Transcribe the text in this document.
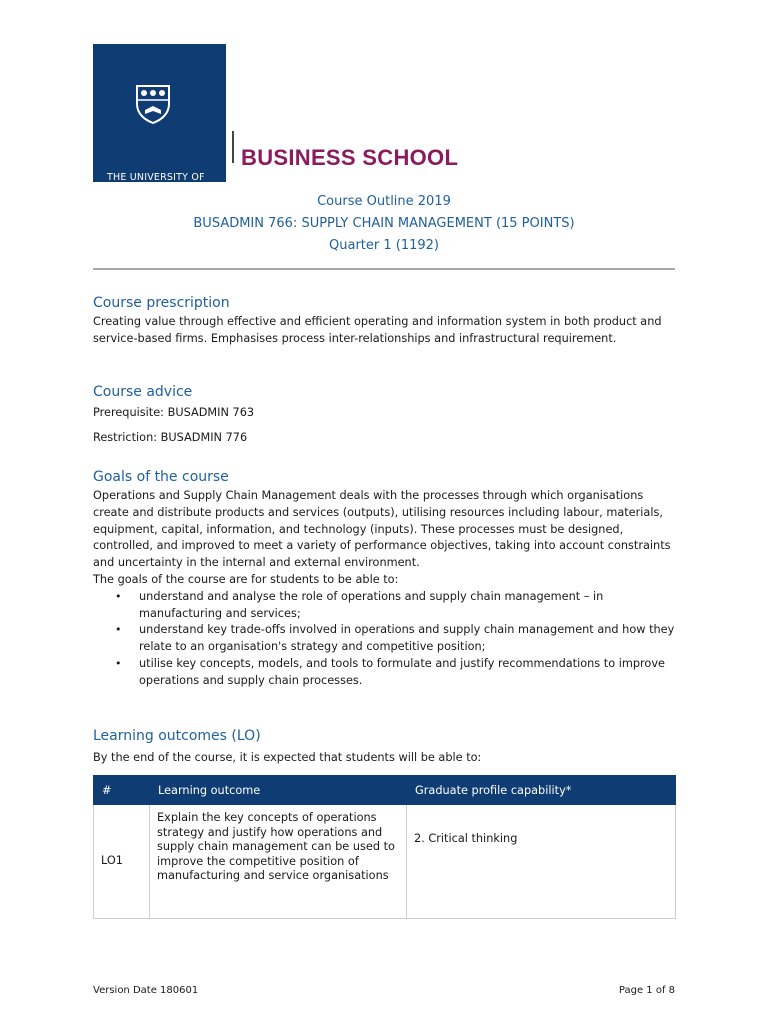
THE UNIVERSITY OF
AUCKLAND
Te Whare Wānanga o Tāmaki Makaurau
NEW ZEALAND
BUSINESS SCHOOL
Course Outline 2019
BUSADMIN 766: SUPPLY CHAIN MANAGEMENT (15 POINTS)
Quarter 1 (1192)
Course prescription
Creating value through effective and efficient operating and information system in both product and service-based firms. Emphasises process inter-relationships and infrastructural requirement.
Course advice
Prerequisite: BUSADMIN 763
Restriction: BUSADMIN 776
Goals of the course

Operations and Supply Chain Management deals with the processes through which organisations create and distribute products and services (outputs), utilising resources including labour, materials, equipment, capital, information, and technology (inputs). These processes must be designed, controlled, and improved to meet a variety of performance objectives, taking into account constraints and uncertainty in the internal and external environment.

The goals of the course are for students to be able to:

• understand and analyse the role of operations and supply chain management – in manufacturing and services;
• understand key trade-offs involved in operations and supply chain management and how they relate to an organisation's strategy and competitive position;
• utilise key concepts, models, and tools to formulate and justify recommendations to improve operations and supply chain processes.
Learning outcomes (LO)
By the end of the course, it is expected that students will be able to:
#	Learning outcome	Graduate profile capability*
LO1	Explain the key concepts of operations strategy and justify how operations and supply chain management can be used to improve the competitive position of manufacturing and service organisations	2. Critical thinking
Version Date 180601	Page 1 of 8
